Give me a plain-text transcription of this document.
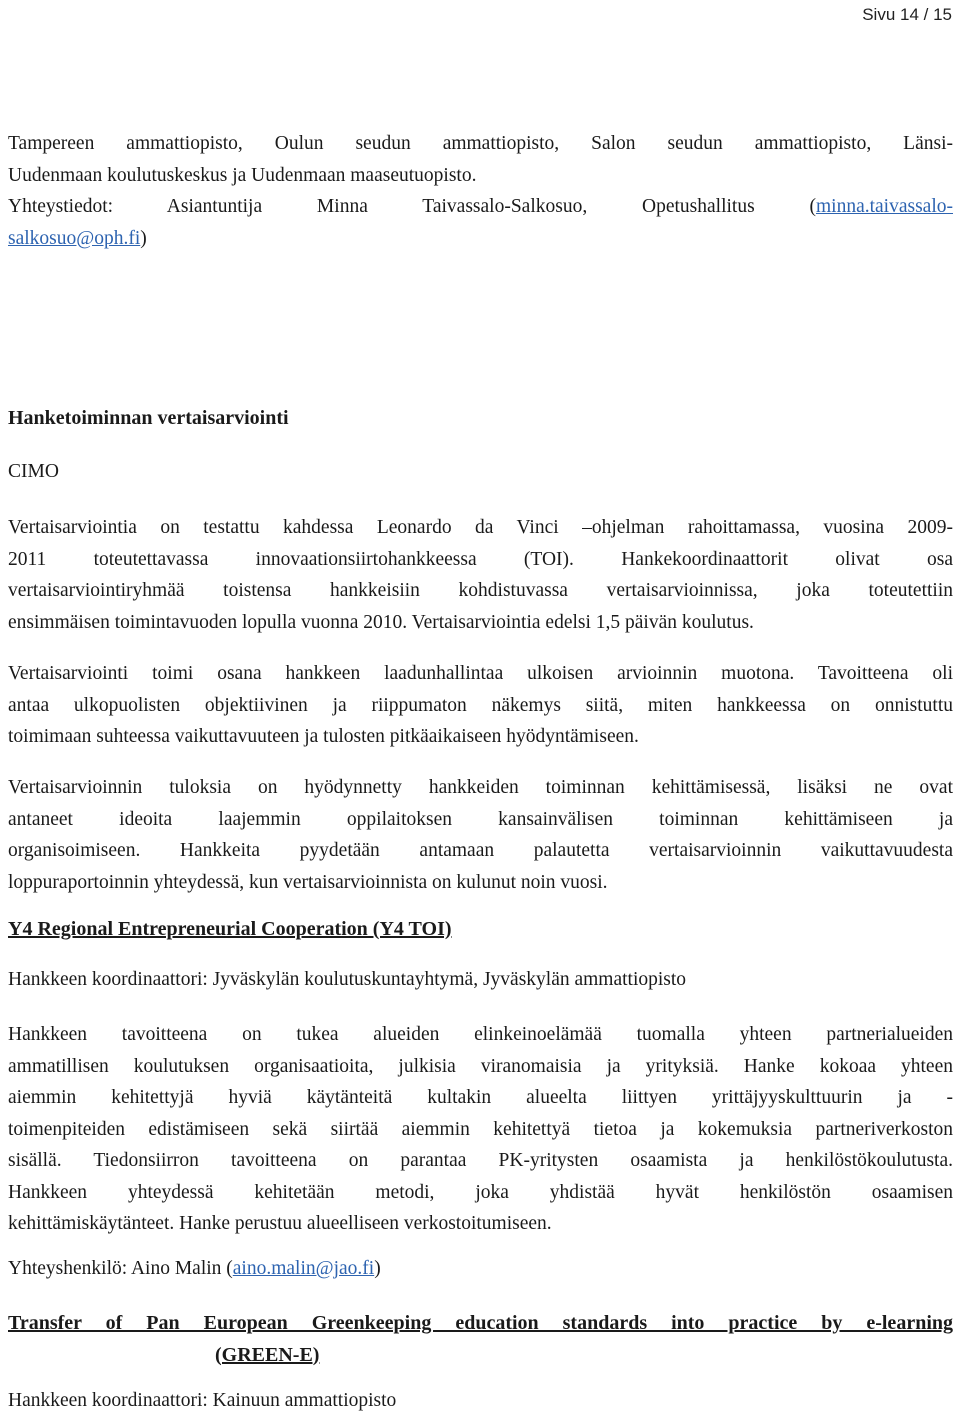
Sivu 14 / 15
Tampereen ammattiopisto, Oulun seudun ammattiopisto, Salon seudun ammattiopisto, Länsi-
Uudenmaan koulutuskeskus ja Uudenmaan maaseutuopisto.
Yhteystiedot: Asiantuntija Minna Taivassalo-Salkosuo, Opetushallitus (minna.taivassalo-
salkosuo@oph.fi)
Hanketoiminnan vertaisarviointi
CIMO
Vertaisarviointia on testattu kahdessa Leonardo da Vinci –ohjelman rahoittamassa, vuosina 2009-
2011 toteutettavassa innovaationsiirtohankkeessa (TOI). Hankekoordinaattorit olivat osa
vertaisarviointiryhmää toistensa hankkeisiin kohdistuvassa vertaisarvioinnissa, joka toteutettiin
ensimmäisen toimintavuoden lopulla vuonna 2010. Vertaisarviointia edelsi 1,5 päivän koulutus.
Vertaisarviointi toimi osana hankkeen laadunhallintaa ulkoisen arvioinnin muotona. Tavoitteena oli
antaa ulkopuolisten objektiivinen ja riippumaton näkemys siitä, miten hankkeessa on onnistuttu
toimimaan suhteessa vaikuttavuuteen ja tulosten pitkäaikaiseen hyödyntämiseen.
Vertaisarvioinnin tuloksia on hyödynnetty hankkeiden toiminnan kehittämisessä, lisäksi ne ovat
antaneet ideoita laajemmin oppilaitoksen kansainvälisen toiminnan kehittämiseen ja
organisoimiseen. Hankkeita pyydetään antamaan palautetta vertaisarvioinnin vaikuttavuudesta
loppuraportoinnin yhteydessä, kun vertaisarvioinnista on kulunut noin vuosi.
Y4 Regional Entrepreneurial Cooperation (Y4 TOI)
Hankkeen koordinaattori: Jyväskylän koulutuskuntayhtymä, Jyväskylän ammattiopisto
Hankkeen tavoitteena on tukea alueiden elinkeinoelämää tuomalla yhteen partnerialueiden
ammatillisen koulutuksen organisaatioita, julkisia viranomaisia ja yrityksiä. Hanke kokoaa yhteen
aiemmin kehitettyjä hyviä käytänteitä kultakin alueelta liittyen yrittäjyyskulttuurin ja -
toimenpiteiden edistämiseen sekä siirtää aiemmin kehitettyä tietoa ja kokemuksia partneriverkoston
sisällä. Tiedonsiirron tavoitteena on parantaa PK-yritysten osaamista ja henkilöstökoulutusta.
Hankkeen yhteydessä kehitetään metodi, joka yhdistää hyvät henkilöstön osaamisen
kehittämiskäytänteet. Hanke perustuu alueelliseen verkostoitumiseen.
Yhteyshenkilö: Aino Malin (aino.malin@jao.fi)
Transfer of Pan European Greenkeeping education standards into practice by e-learning
(GREEN-E)
Hankkeen koordinaattori: Kainuun ammattiopisto
